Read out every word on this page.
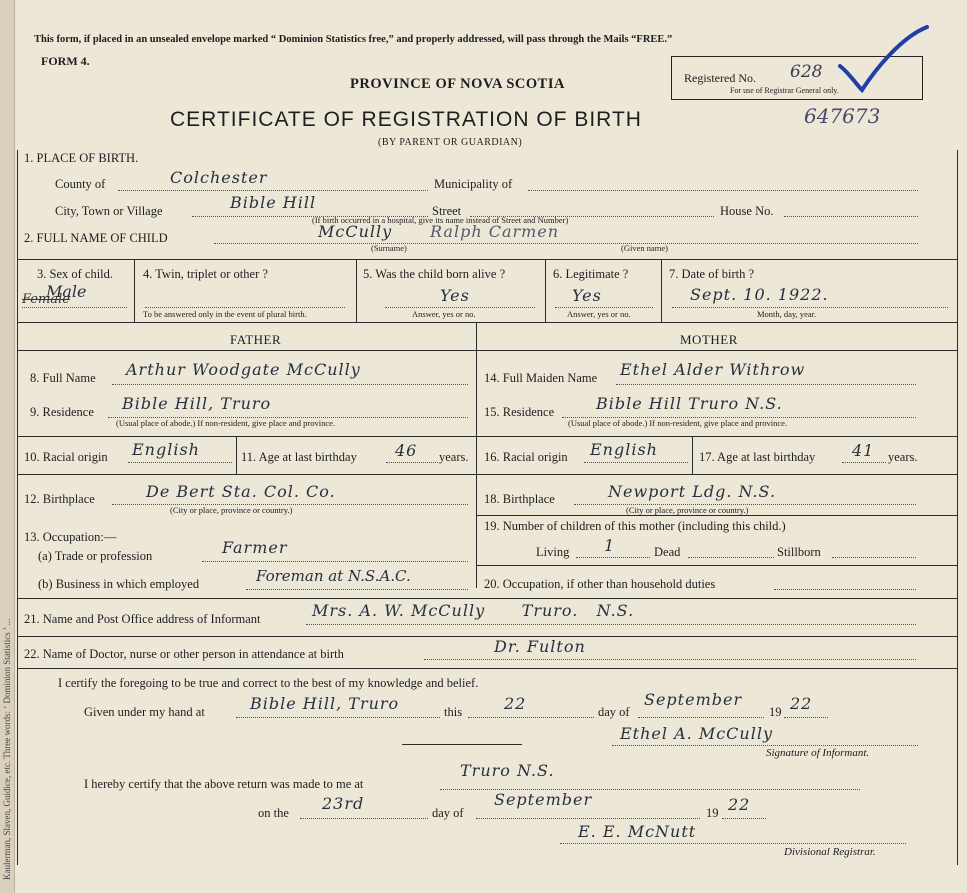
Kaulerman, Slaven, Guidice, etc. Three words: ‘ Dominion Statistics ’ ...
This form, if placed in an unsealed envelope marked “ Dominion Statistics free,” and properly addressed, will pass through the Mails “FREE.”
FORM 4.
PROVINCE OF NOVA SCOTIA
CERTIFICATE OF REGISTRATION OF BIRTH
(BY PARENT OR GUARDIAN)
Registered No. 628
For use of Registrar General only.
647673
1. PLACE OF BIRTH.
County of	Colchester	Municipality of
City, Town or Village	Bible Hill	Street	House No.
(If birth occurred in a hospital, give its name instead of Street and Number)
2. FULL NAME OF CHILD	McCully Ralph Carmen
(Surname)	(Given name)
3. Sex of child.
Male
Female
4. Twin, triplet or other ?
To be answered only in the event of plural birth.
5. Was the child born alive ?
Yes
Answer, yes or no.
6. Legitimate ?
Yes
Answer, yes or no.
7. Date of birth ?
Sept. 10. 1922.
Month, day, year.
FATHER	MOTHER
8. Full Name Arthur Woodgate McCully
9. Residence Bible Hill, Truro
(Usual place of abode.) If non-resident, give place and province.
10. Racial origin English	11. Age at last birthday 46 years.
12. Birthplace	De Bert Sta. Col. Co.
(City or place, province or country.)
13. Occupation:—
(a) Trade or profession	Farmer
(b) Business in which employed	Foreman at N.S.A.C.
14. Full Maiden Name Ethel Alder Withrow
15. Residence	Bible Hill Truro N.S.
(Usual place of abode.) If non-resident, give place and province.
16. Racial origin English	17. Age at last birthday 41 years.
18. Birthplace	Newport Ldg. N.S.
(City or place, province or country.)
19. Number of children of this mother (including this child.)
Living 1	Dead	Stillborn
20. Occupation, if other than household duties
21. Name and Post Office address of Informant	Mrs. A. W. McCully      Truro.   N.S.
22. Name of Doctor, nurse or other person in attendance at birth	Dr. Fulton
I certify the foregoing to be true and correct to the best of my knowledge and belief.
Given under my hand at	Bible Hill, Truro	this	22	day of
September
19 22
Ethel A. McCully
Signature of Informant.
I hereby certify that the above return was made to me at
Truro N.S.
on the 23rd	day of
September
19 22
E. E. McNutt
Divisional Registrar.
